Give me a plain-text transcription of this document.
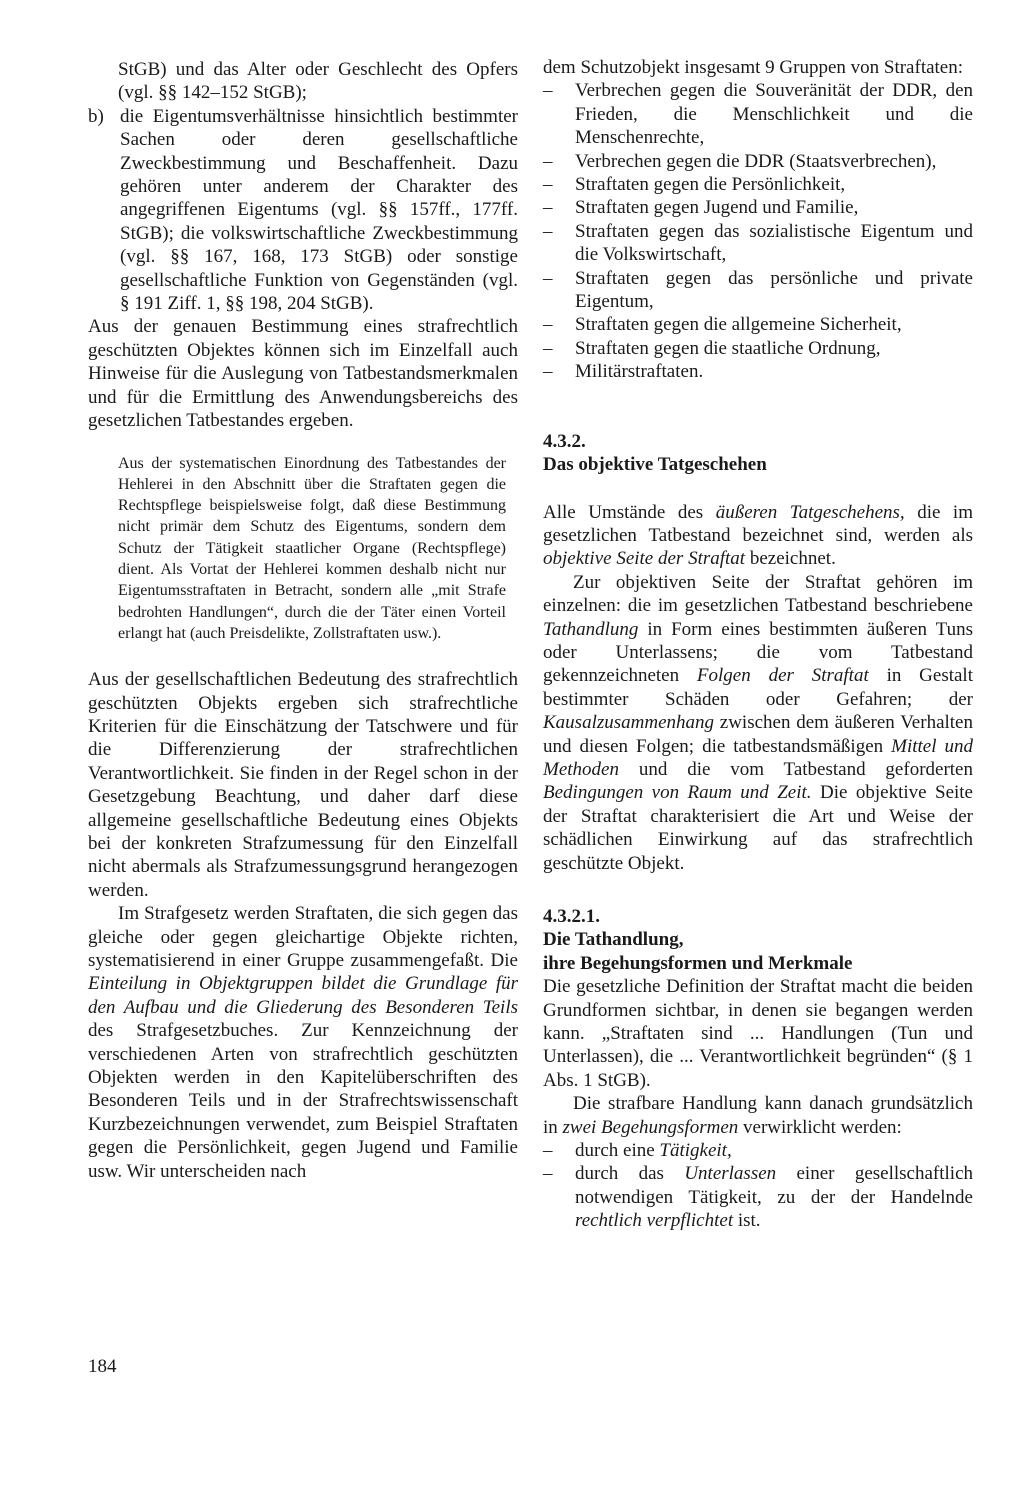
StGB) und das Alter oder Geschlecht des Opfers (vgl. §§ 142–152 StGB);

b) die Eigentumsverhältnisse hinsichtlich bestimmter Sachen oder deren gesellschaftliche Zweckbestimmung und Beschaffenheit. Dazu gehören unter anderem der Charakter des angegriffenen Eigentums (vgl. §§ 157ff., 177ff. StGB); die volkswirtschaftliche Zweckbestimmung (vgl. §§ 167, 168, 173 StGB) oder sonstige gesellschaftliche Funktion von Gegenständen (vgl. § 191 Ziff. 1, §§ 198, 204 StGB).

Aus der genauen Bestimmung eines strafrechtlich geschützten Objektes können sich im Einzelfall auch Hinweise für die Auslegung von Tatbestandsmerkmalen und für die Ermittlung des Anwendungsbereichs des gesetzlichen Tatbestandes ergeben.

Aus der systematischen Einordnung des Tatbestandes der Hehlerei in den Abschnitt über die Straftaten gegen die Rechtspflege beispielsweise folgt, daß diese Bestimmung nicht primär dem Schutz des Eigentums, sondern dem Schutz der Tätigkeit staatlicher Organe (Rechtspflege) dient. Als Vortat der Hehlerei kommen deshalb nicht nur Eigentumsstraftaten in Betracht, sondern alle „mit Strafe bedrohten Handlungen“, durch die der Täter einen Vorteil erlangt hat (auch Preisdelikte, Zollstraftaten usw.).

Aus der gesellschaftlichen Bedeutung des strafrechtlich geschützten Objekts ergeben sich strafrechtliche Kriterien für die Einschätzung der Tatschwere und für die Differenzierung der strafrechtlichen Verantwortlichkeit. Sie finden in der Regel schon in der Gesetzgebung Beachtung, und daher darf diese allgemeine gesellschaftliche Bedeutung eines Objekts bei der konkreten Strafzumessung für den Einzelfall nicht abermals als Strafzumessungsgrund herangezogen werden.

Im Strafgesetz werden Straftaten, die sich gegen das gleiche oder gegen gleichartige Objekte richten, systematisierend in einer Gruppe zusammengefaßt. Die Einteilung in Objektgruppen bildet die Grundlage für den Aufbau und die Gliederung des Besonderen Teils des Strafgesetzbuches. Zur Kennzeichnung der verschiedenen Arten von strafrechtlich geschützten Objekten werden in den Kapitelüberschriften des Besonderen Teils und in der Strafrechtswissenschaft Kurzbezeichnungen verwendet, zum Beispiel Straftaten gegen die Persönlichkeit, gegen Jugend und Familie usw. Wir unterscheiden nach

dem Schutzobjekt insgesamt 9 Gruppen von Straftaten:

–	Verbrechen gegen die Souveränität der DDR, den Frieden, die Menschlichkeit und die Menschenrechte,
–	Verbrechen gegen die DDR (Staatsverbrechen),
–	Straftaten gegen die Persönlichkeit,
–	Straftaten gegen Jugend und Familie,
–	Straftaten gegen das sozialistische Eigentum und die Volkswirtschaft,
–	Straftaten gegen das persönliche und private Eigentum,
–	Straftaten gegen die allgemeine Sicherheit,
–	Straftaten gegen die staatliche Ordnung,
–	Militärstraftaten.
4.3.2.
Das objektive Tatgeschehen

Alle Umstände des äußeren Tatgeschehens, die im gesetzlichen Tatbestand bezeichnet sind, werden als objektive Seite der Straftat bezeichnet.

Zur objektiven Seite der Straftat gehören im einzelnen: die im gesetzlichen Tatbestand beschriebene Tathandlung in Form eines bestimmten äußeren Tuns oder Unterlassens; die vom Tatbestand gekennzeichneten Folgen der Straftat in Gestalt bestimmter Schäden oder Gefahren; der Kausalzusammenhang zwischen dem äußeren Verhalten und diesen Folgen; die tatbestandsmäßigen Mittel und Methoden und die vom Tatbestand geforderten Bedingungen von Raum und Zeit. Die objektive Seite der Straftat charakterisiert die Art und Weise der schädlichen Einwirkung auf das strafrechtlich geschützte Objekt.

4.3.2.1.
Die Tathandlung,
ihre Begehungsformen und Merkmale

Die gesetzliche Definition der Straftat macht die beiden Grundformen sichtbar, in denen sie begangen werden kann. „Straftaten sind ... Handlungen (Tun und Unterlassen), die ... Verantwortlichkeit begründen“ (§ 1 Abs. 1 StGB).

Die strafbare Handlung kann danach grundsätzlich in zwei Begehungsformen verwirklicht werden:

–	durch eine Tätigkeit,
–	durch das Unterlassen einer gesellschaftlich notwendigen Tätigkeit, zu der der Handelnde rechtlich verpflichtet ist.
184
